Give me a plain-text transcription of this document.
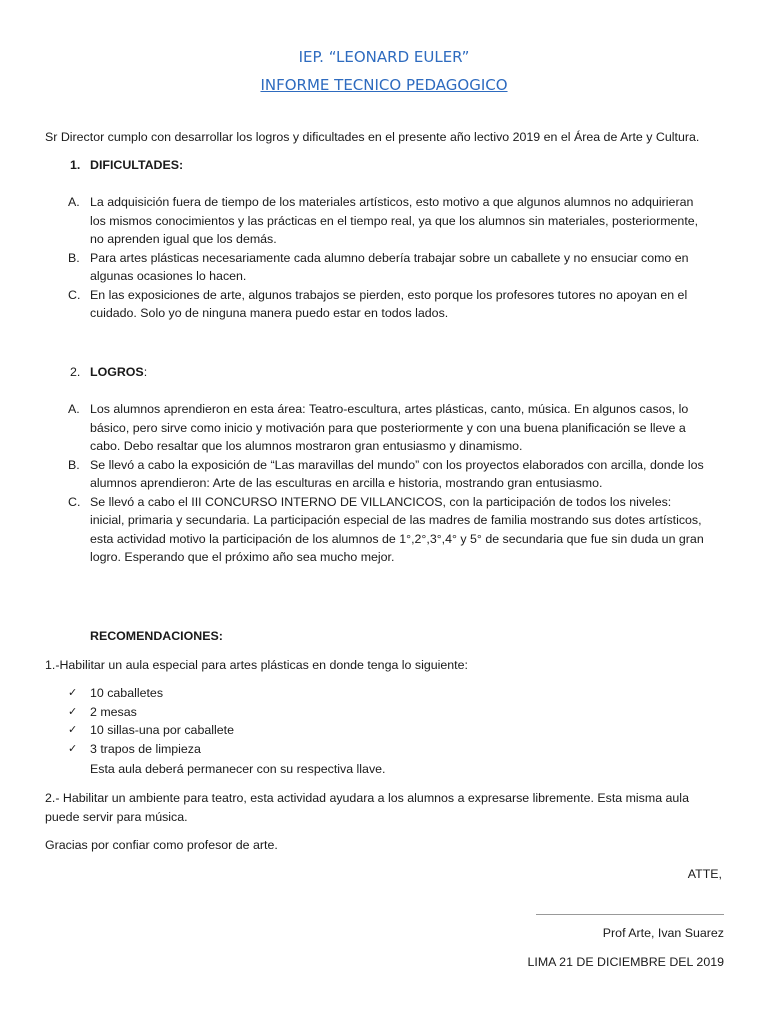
IEP. “LEONARD EULER”
INFORME TECNICO PEDAGOGICO
Sr Director cumplo con desarrollar los logros y dificultades en el presente año lectivo 2019 en el Área de Arte y Cultura.
1. DIFICULTADES:
A. La adquisición fuera de tiempo de los materiales artísticos, esto motivo a que algunos alumnos no adquirieran los mismos conocimientos y las prácticas en el tiempo real, ya que los alumnos sin materiales, posteriormente, no aprenden igual que los demás.
B. Para artes plásticas necesariamente cada alumno debería trabajar sobre un caballete y no ensuciar como en algunas ocasiones lo hacen.
C. En las exposiciones de arte, algunos trabajos se pierden, esto porque los profesores tutores no apoyan en el cuidado. Solo yo de ninguna manera puedo estar en todos lados.
2. LOGROS:
A. Los alumnos aprendieron en esta área: Teatro-escultura, artes plásticas, canto, música. En algunos casos, lo básico, pero sirve como inicio y motivación para que posteriormente y con una buena planificación se lleve a cabo. Debo resaltar que los alumnos mostraron gran entusiasmo y dinamismo.
B. Se llevó a cabo la exposición de “Las maravillas del mundo” con los proyectos elaborados con arcilla, donde los alumnos aprendieron: Arte de las esculturas en arcilla e historia, mostrando gran entusiasmo.
C. Se llevó a cabo el III CONCURSO INTERNO DE VILLANCICOS, con la participación de todos los niveles: inicial, primaria y secundaria. La participación especial de las madres de familia mostrando sus dotes artísticos, esta actividad motivo la participación de los alumnos de 1°,2°,3°,4° y 5° de secundaria que fue sin duda un gran logro. Esperando que el próximo año sea mucho mejor.
RECOMENDACIONES:
1.-Habilitar un aula especial para artes plásticas en donde tenga lo siguiente:
✓ 10 caballetes
✓ 2 mesas
✓ 10 sillas-una por caballete
✓ 3 trapos de limpieza
Esta aula deberá permanecer con su respectiva llave.
2.- Habilitar un ambiente para teatro, esta actividad ayudara a los alumnos a expresarse libremente. Esta misma aula puede servir para música.
Gracias por confiar como profesor de arte.
ATTE,
Prof Arte, Ivan Suarez
LIMA 21 DE DICIEMBRE DEL 2019
